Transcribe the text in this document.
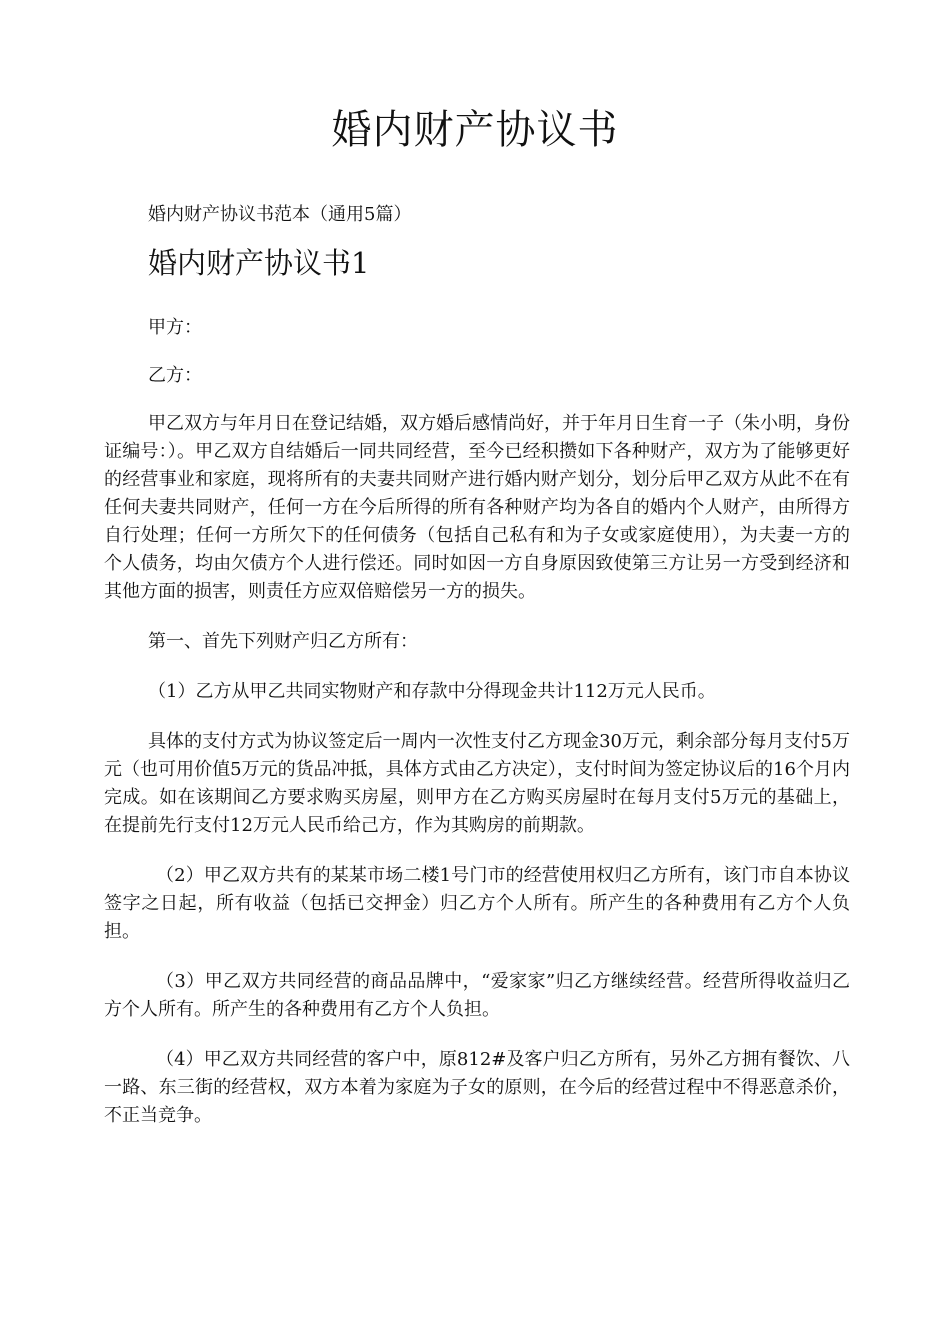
婚内财产协议书

婚内财产协议书范本（通用5篇）

婚内财产协议书1

甲方：

乙方：

甲乙双方与年月日在登记结婚，双方婚后感情尚好，并于年月日生育一子（朱小明，身份证编号：）。甲乙双方自结婚后一同共同经营，至今已经积攒如下各种财产，双方为了能够更好的经营事业和家庭，现将所有的夫妻共同财产进行婚内财产划分，划分后甲乙双方从此不在有任何夫妻共同财产，任何一方在今后所得的所有各种财产均为各自的婚内个人财产，由所得方自行处理；任何一方所欠下的任何债务（包括自己私有和为子女或家庭使用），为夫妻一方的个人债务，均由欠债方个人进行偿还。同时如因一方自身原因致使第三方让另一方受到经济和其他方面的损害，则责任方应双倍赔偿另一方的损失。

第一、首先下列财产归乙方所有：

（1）乙方从甲乙共同实物财产和存款中分得现金共计112万元人民币。

具体的支付方式为协议签定后一周内一次性支付乙方现金30万元，剩余部分每月支付5万元（也可用价值5万元的货品冲抵，具体方式由乙方决定），支付时间为签定协议后的16个月内完成。如在该期间乙方要求购买房屋，则甲方在乙方购买房屋时在每月支付5万元的基础上，在提前先行支付12万元人民币给己方，作为其购房的前期款。

（2）甲乙双方共有的某某市场二楼1号门市的经营使用权归乙方所有，该门市自本协议签字之日起，所有收益（包括已交押金）归乙方个人所有。所产生的各种费用有乙方个人负担。

（3）甲乙双方共同经营的商品品牌中，“爱家家”归乙方继续经营。经营所得收益归乙方个人所有。所产生的各种费用有乙方个人负担。

（4）甲乙双方共同经营的客户中，原812#及客户归乙方所有，另外乙方拥有餐饮、八一路、东三街的经营权，双方本着为家庭为子女的原则，在今后的经营过程中不得恶意杀价，不正当竞争。
